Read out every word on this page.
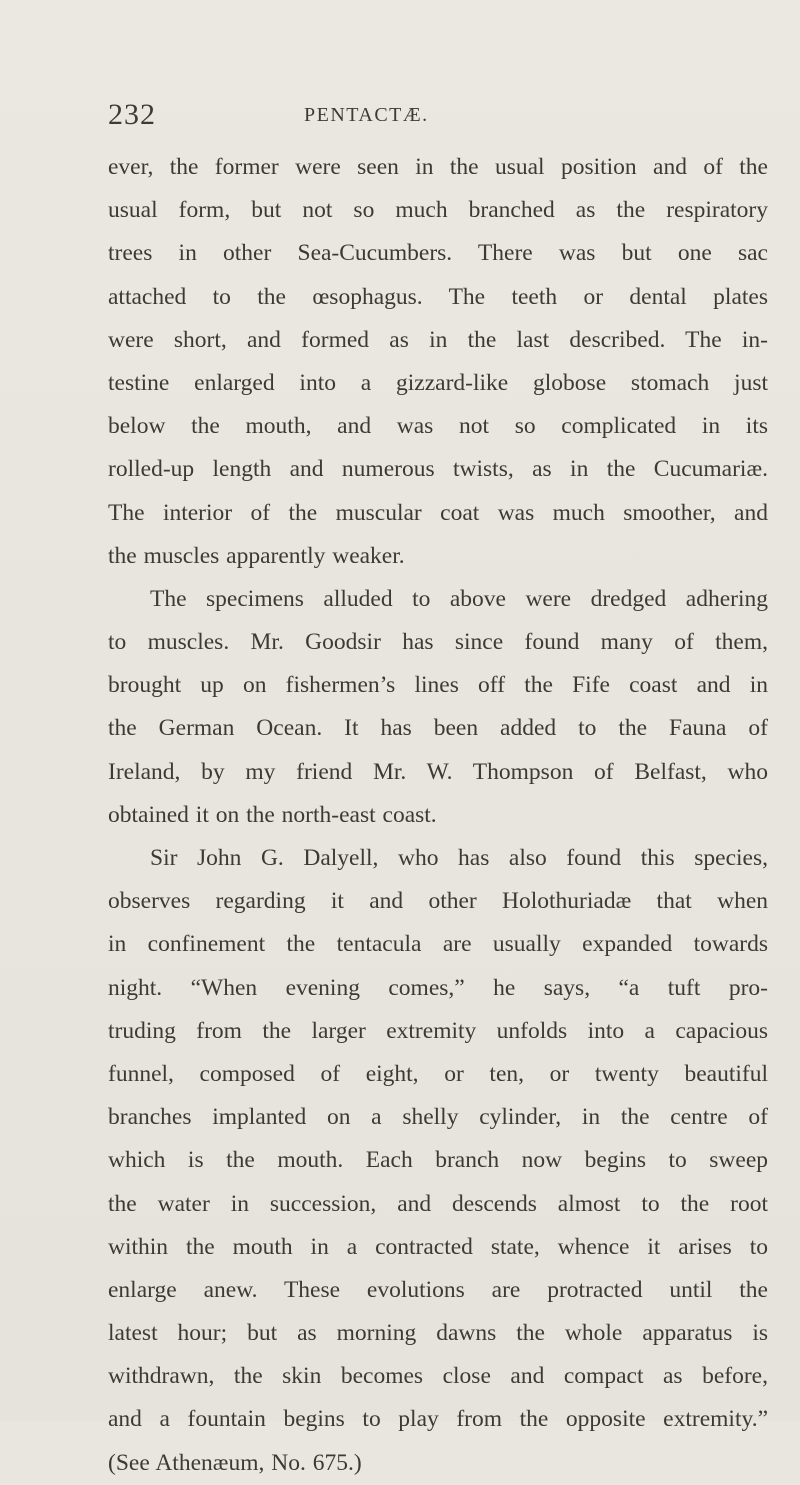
232	PENTACTÆ.
ever, the former were seen in the usual position and of the
usual form, but not so much branched as the respiratory
trees in other Sea-Cucumbers. There was but one sac
attached to the œsophagus. The teeth or dental plates
were short, and formed as in the last described. The in-
testine enlarged into a gizzard-like globose stomach just
below the mouth, and was not so complicated in its
rolled-up length and numerous twists, as in the Cucumariæ.
The interior of the muscular coat was much smoother, and
the muscles apparently weaker.
The specimens alluded to above were dredged adhering
to muscles. Mr. Goodsir has since found many of them,
brought up on fishermen’s lines off the Fife coast and in
the German Ocean. It has been added to the Fauna of
Ireland, by my friend Mr. W. Thompson of Belfast, who
obtained it on the north-east coast.
Sir John G. Dalyell, who has also found this species,
observes regarding it and other Holothuriadæ that when
in confinement the tentacula are usually expanded towards
night. “When evening comes,” he says, “a tuft pro-
truding from the larger extremity unfolds into a capacious
funnel, composed of eight, or ten, or twenty beautiful
branches implanted on a shelly cylinder, in the centre of
which is the mouth. Each branch now begins to sweep
the water in succession, and descends almost to the root
within the mouth in a contracted state, whence it arises to
enlarge anew. These evolutions are protracted until the
latest hour; but as morning dawns the whole apparatus is
withdrawn, the skin becomes close and compact as before,
and a fountain begins to play from the opposite extremity.”
(See Athenæum, No. 675.)
